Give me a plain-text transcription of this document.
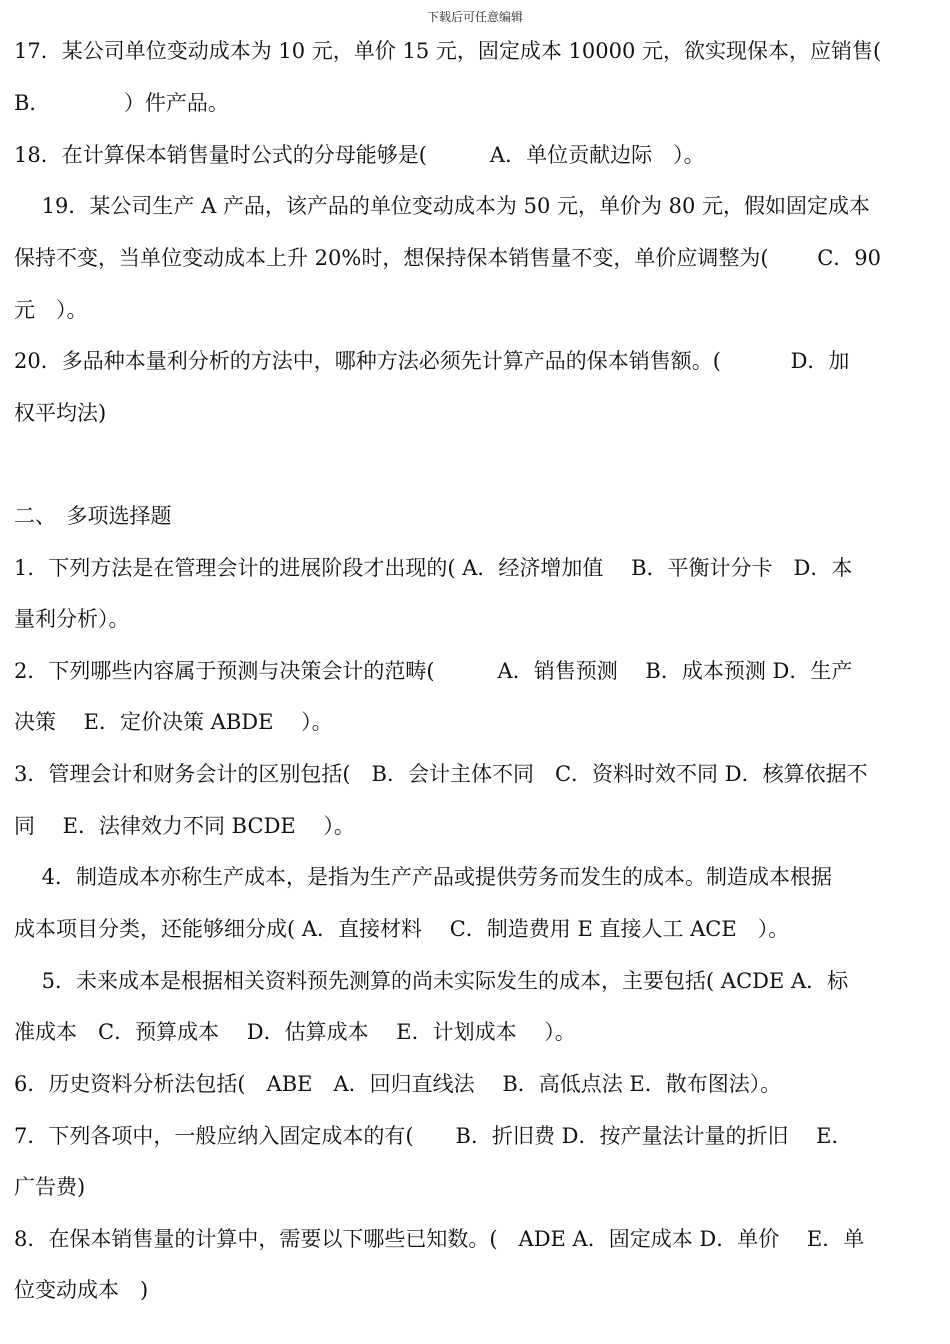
下载后可任意编辑
17．某公司单位变动成本为 10 元，单价 15 元，固定成本 10000 元，欲实现保本，应销售(
B．　　　　）件产品。
18．在计算保本销售量时公式的分母能够是(　　　A．单位贡献边际　）。
　 19．某公司生产 A 产品，该产品的单位变动成本为 50 元，单价为 80 元，假如固定成本
保持不变，当单位变动成本上升 20%时，想保持保本销售量不变，单价应调整为(　　 C．90
元　）。
20．多品种本量利分析的方法中，哪种方法必须先计算产品的保本销售额。(　　　 D．加
权平均法)
二、　多项选择题
1．下列方法是在管理会计的进展阶段才出现的( A．经济增加值　 B．平衡计分卡　D．本
量利分析）。
2．下列哪些内容属于预测与决策会计的范畴(　　　A．销售预测　 B．成本预测 D．生产
决策　 E．定价决策 ABDE　 ）。
3．管理会计和财务会计的区别包括(　B．会计主体不同　C．资料时效不同 D．核算依据不
同　 E．法律效力不同 BCDE　 ）。
　 4．制造成本亦称生产成本，是指为生产产品或提供劳务而发生的成本。制造成本根据
成本项目分类，还能够细分成( A．直接材料　 C．制造费用 E 直接人工 ACE　）。
　 5．未来成本是根据相关资料预先测算的尚未实际发生的成本，主要包括( ACDE A．标
准成本　C．预算成本　 D．估算成本　 E．计划成本　 ）。
6．历史资料分析法包括(　ABE　A．回归直线法　 B．高低点法 E．散布图法）。
7．下列各项中，一般应纳入固定成本的有(　　B．折旧费 D．按产量法计量的折旧　 E．
广告费)
8．在保本销售量的计算中，需要以下哪些已知数。(　ADE A．固定成本 D．单价　 E．单
位变动成本　)
